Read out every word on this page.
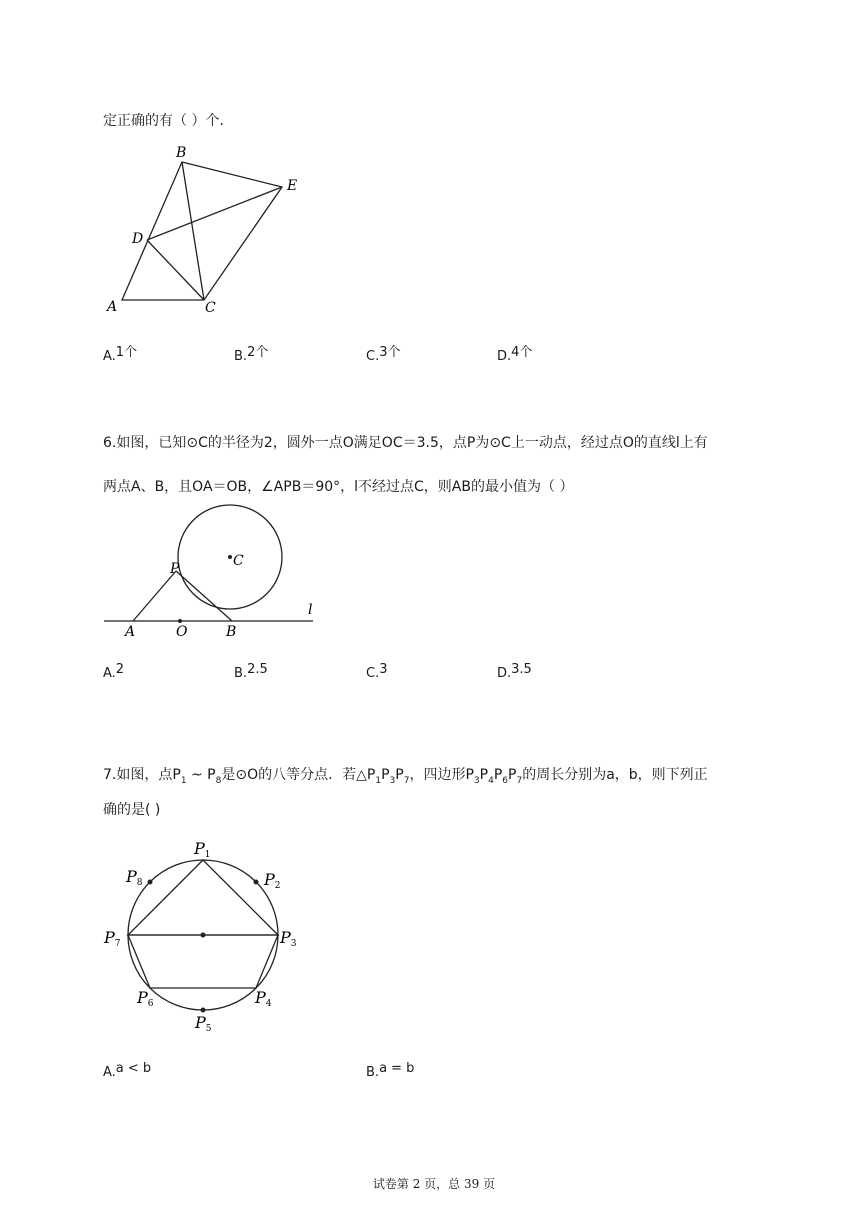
定正确的有（ ）个．
B
E
D
A	C
A.1个	B.2个	C.3个	D.4个
6.如图，已知⊙C的半径为2，圆外一点O满足OC＝3.5，点P为⊙C上一动点，经过点O的直线l上有
两点A、B，且OA＝OB，∠APB＝90°，l不经过点C，则AB的最小值为（ ）
P	C
l
A	O	B
A.2	B.2.5	C.3	D.3.5
7.如图，点$P_1$ ~ $P_8$是⊙O的八等分点．若$\triangle P_1P_3P_7$，四边形$P_3P_4P_6P_7$的周长分别为a，b，则下列正
确的是( )
P1
P2
P3
P4
P5
P6
P7
P8
A.a < b	B.a = b
试卷第 2 页，总 39 页
